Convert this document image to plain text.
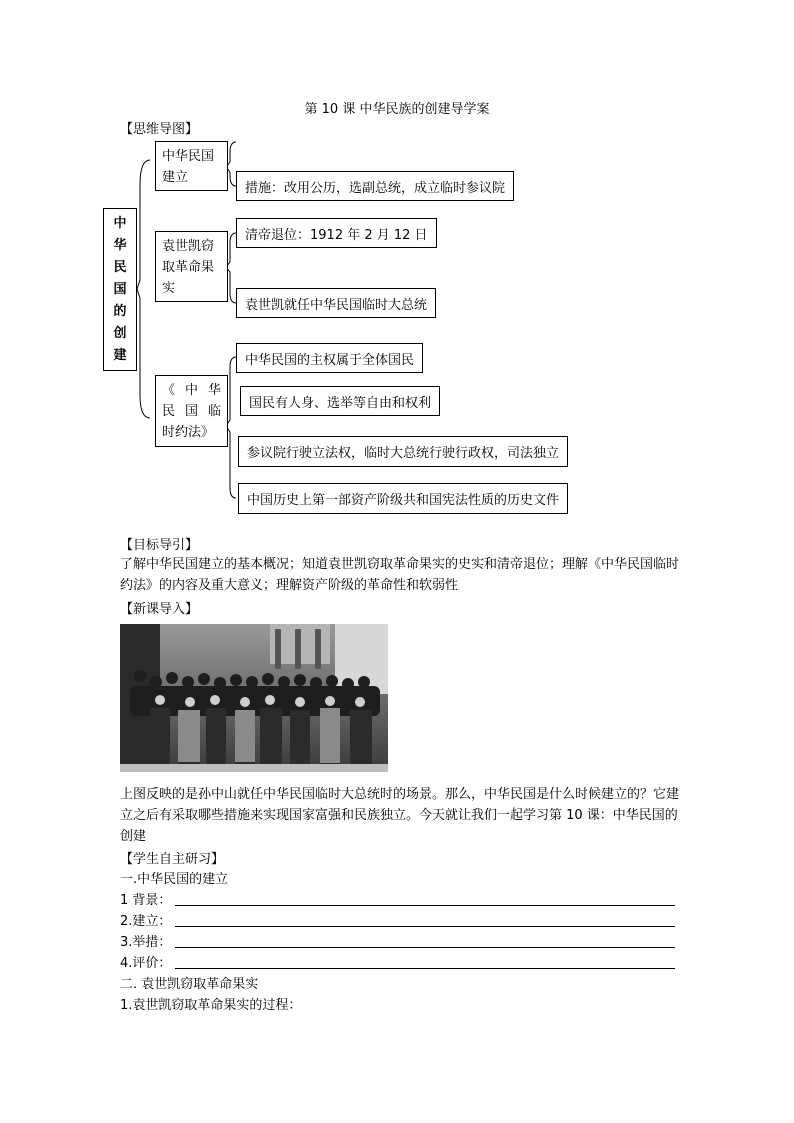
第 10 课 中华民族的创建导学案
【思维导图】
中
华
民
国
的
创
建
中华民国建立
措施：改用公历，选副总统，成立临时参议院
袁世凯窃取革命果实
清帝退位：1912 年 2 月 12 日
袁世凯就任中华民国临时大总统
《 中 华 民 国 临 时约法》
中华民国的主权属于全体国民
国民有人身、选举等自由和权利
参议院行驶立法权，临时大总统行驶行政权，司法独立
中国历史上第一部资产阶级共和国宪法性质的历史文件
【目标导引】
了解中华民国建立的基本概况；知道袁世凯窃取革命果实的史实和清帝退位；理解《中华民国临时约法》的内容及重大意义；理解资产阶级的革命性和软弱性
【新课导入】
上图反映的是孙中山就任中华民国临时大总统时的场景。那么，中华民国是什么时候建立的？它建立之后有采取哪些措施来实现国家富强和民族独立。今天就让我们一起学习第 10 课：中华民国的创建
【学生自主研习】
一.中华民国的建立
1 背景：
2.建立：
3.举措：
4.评价：
二. 袁世凯窃取革命果实
1.袁世凯窃取革命果实的过程：
